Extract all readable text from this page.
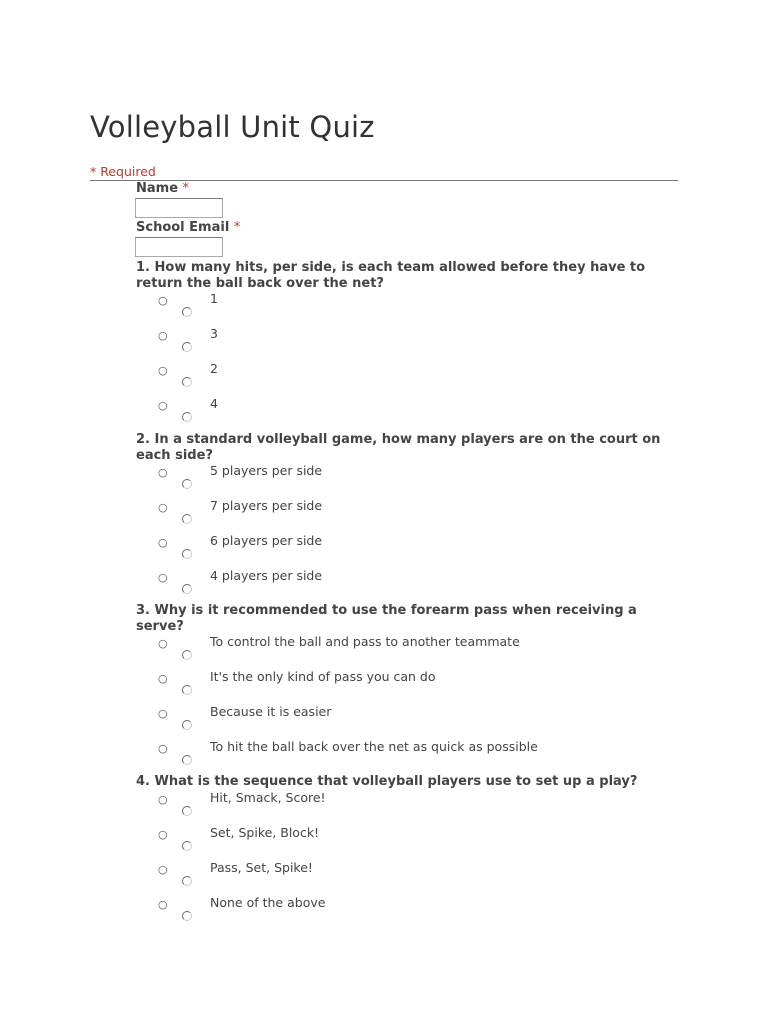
Volleyball Unit Quiz
* Required
Name *
School Email *
1. How many hits, per side, is each team allowed before they have to return the ball back over the net?
○	1
○	3
○	2
○	4
2. In a standard volleyball game, how many players are on the court on each side?
○	5 players per side
○	7 players per side
○	6 players per side
○	4 players per side
3. Why is it recommended to use the forearm pass when receiving a serve?
○	To control the ball and pass to another teammate
○	It's the only kind of pass you can do
○	Because it is easier
○	To hit the ball back over the net as quick as possible
4. What is the sequence that volleyball players use to set up a play?
○	Hit, Smack, Score!
○	Set, Spike, Block!
○	Pass, Set, Spike!
○	None of the above
